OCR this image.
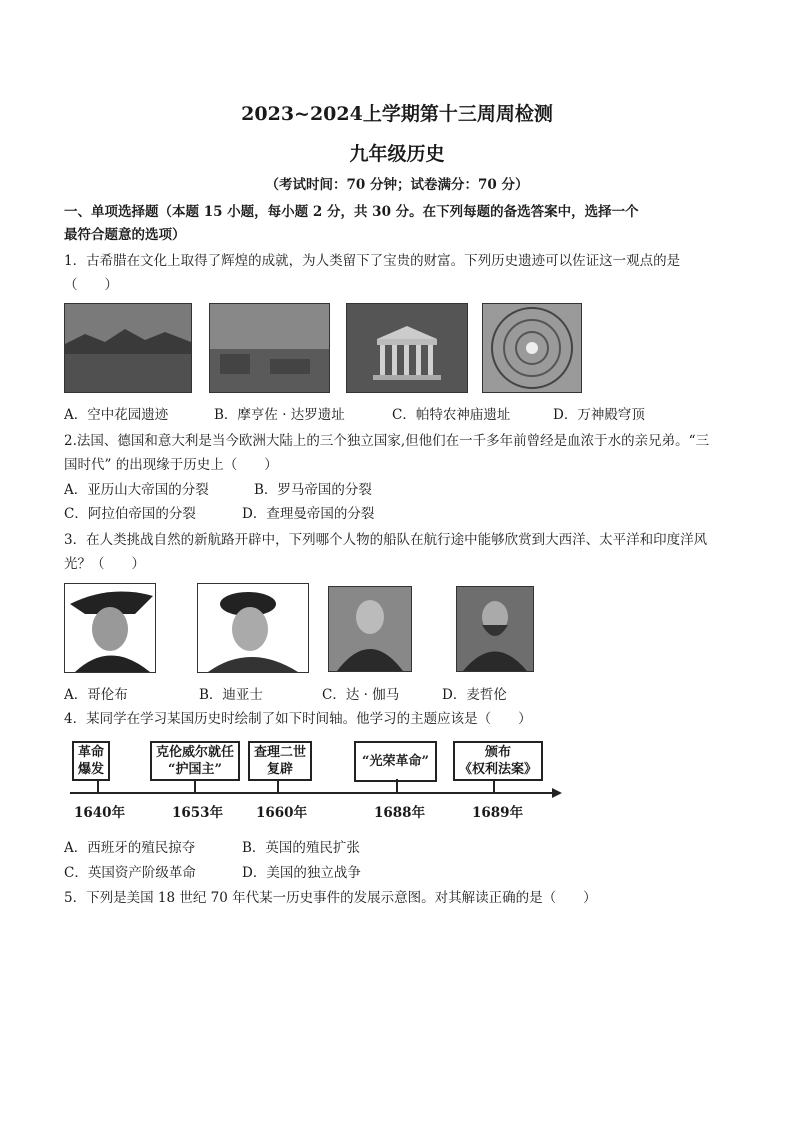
2023~2024上学期第十三周周检测
九年级历史
（考试时间：70 分钟；试卷满分：70 分）
一、单项选择题（本题 15 小题，每小题 2 分，共 30 分。在下列每题的备选答案中，选择一个
最符合题意的选项）
1．古希腊在文化上取得了辉煌的成就，为人类留下了宝贵的财富。下列历史遗迹可以佐证这一观点的是
（　　）
A．空中花园遗迹	B．摩亨佐 · 达罗遗址	C．帕特农神庙遗址	D．万神殿穹顶
2.法国、德国和意大利是当今欧洲大陆上的三个独立国家,但他们在一千多年前曾经是血浓于水的亲兄弟。“三
国时代” 的出现缘于历史上（　　）
A．亚历山大帝国的分裂	B．罗马帝国的分裂
C．阿拉伯帝国的分裂	D．查理曼帝国的分裂
3．在人类挑战自然的新航路开辟中，下列哪个人物的船队在航行途中能够欣赏到大西洋、太平洋和印度洋风
光？（　　）
A．哥伦布	B．迪亚士	C．达 · 伽马	D．麦哲伦
4．某同学在学习某国历史时绘制了如下时间轴。他学习的主题应该是（　　）
革命
爆发
克伦威尔就任
“护国主”
查理二世
复辟
“光荣革命”
颁布
《权利法案》
1640年	1653年 1660年	1688年	1689年
A．西班牙的殖民掠夺	B．英国的殖民扩张
C．英国资产阶级革命	D．美国的独立战争
5．下列是美国 18 世纪 70 年代某一历史事件的发展示意图。对其解读正确的是（　　）
